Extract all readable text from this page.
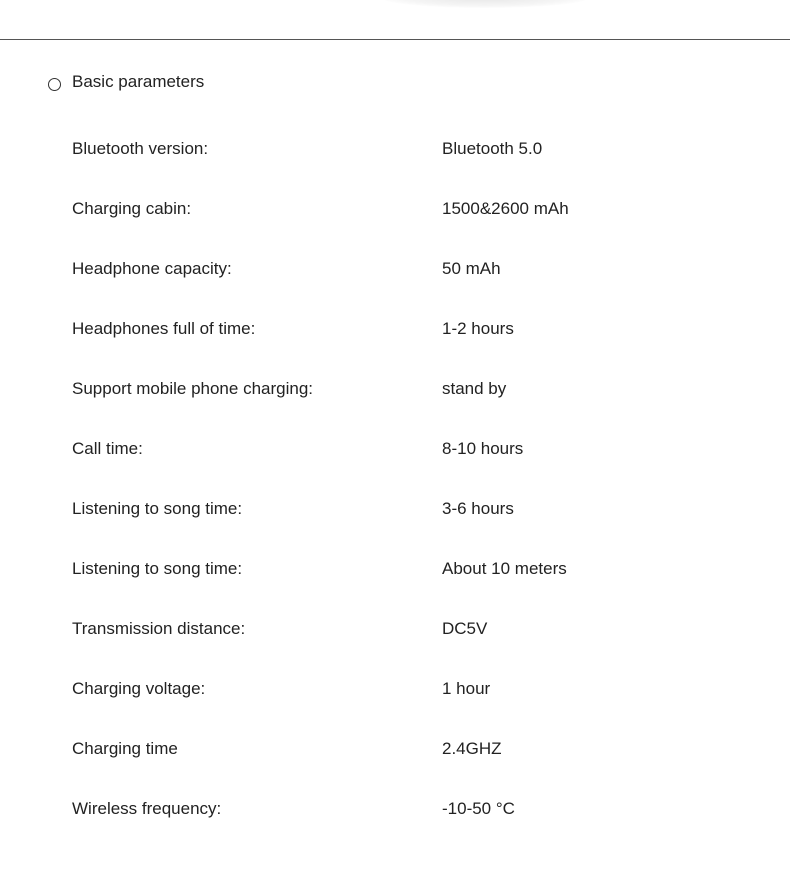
Basic parameters
Bluetooth version:	Bluetooth 5.0
Charging cabin:	1500&2600 mAh
Headphone capacity:	50 mAh
Headphones full of time:	1-2 hours
Support mobile phone charging:	stand by
Call time:	8-10 hours
Listening to song time:	3-6 hours
Listening to song time:	About 10 meters
Transmission distance:	DC5V
Charging voltage:	1 hour
Charging time	2.4GHZ
Wireless frequency:	-10-50 °C
